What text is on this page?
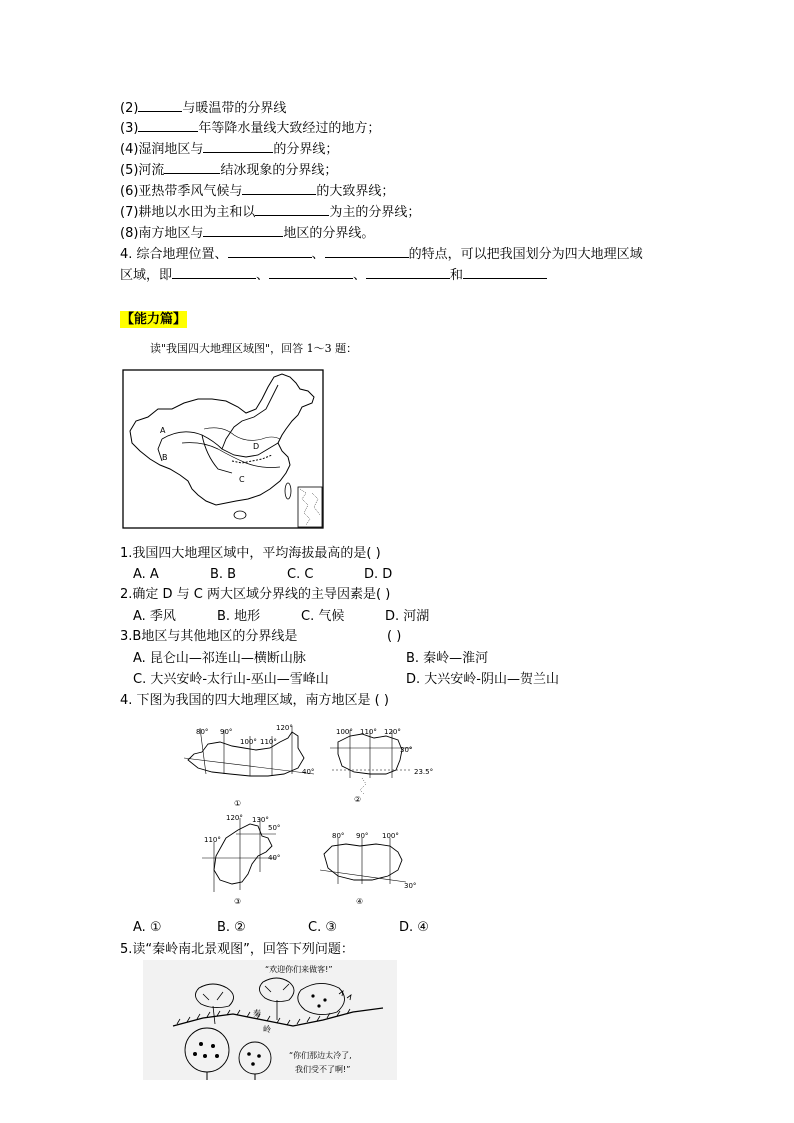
(2)	与暖温带的分界线
(3)	年等降水量线大致经过的地方；
(4)湿润地区与	的分界线；
(5)河流	结冰现象的分界线；
(6)亚热带季风气候与	的大致界线；
(7)耕地以水田为主和以	为主的分界线；
(8)南方地区与	地区的分界线。
4. 综合地理位置、	、	的特点，可以把我国划分为四大地理区域
区域，即	、	、	和
【能力篇】
读"我国四大地理区域图"，回答 1～3 题：
A
B
C
D
1.我国四大地理区域中，平均海拔最高的是( )
A. A	B. B	C. C	D. D
2.确定 D 与 C 两大区域分界线的主导因素是( )
A. 季风	B. 地形	C. 气候	D. 河湖
3.B地区与其他地区的分界线是	( )
A. 昆仑山—祁连山—横断山脉	B. 秦岭—淮河
C. 大兴安岭-太行山-巫山—雪峰山	D. 大兴安岭-阴山—贺兰山
4. 下图为我国的四大地理区域，南方地区是 ( )
80° 90°
100° 110°
120°
40°
①
100° 110° 120°
30°
23.5°
②
120° 130°
110°
50°
40°
③
80° 90° 100°
30°
④
A. ①	B. ②	C. ③	D. ④
5.读“秦岭南北景观图”，回答下列问题：
“欢迎你们来做客!”
秦
岭
“你们那边太冷了,
我们受不了啊!”
